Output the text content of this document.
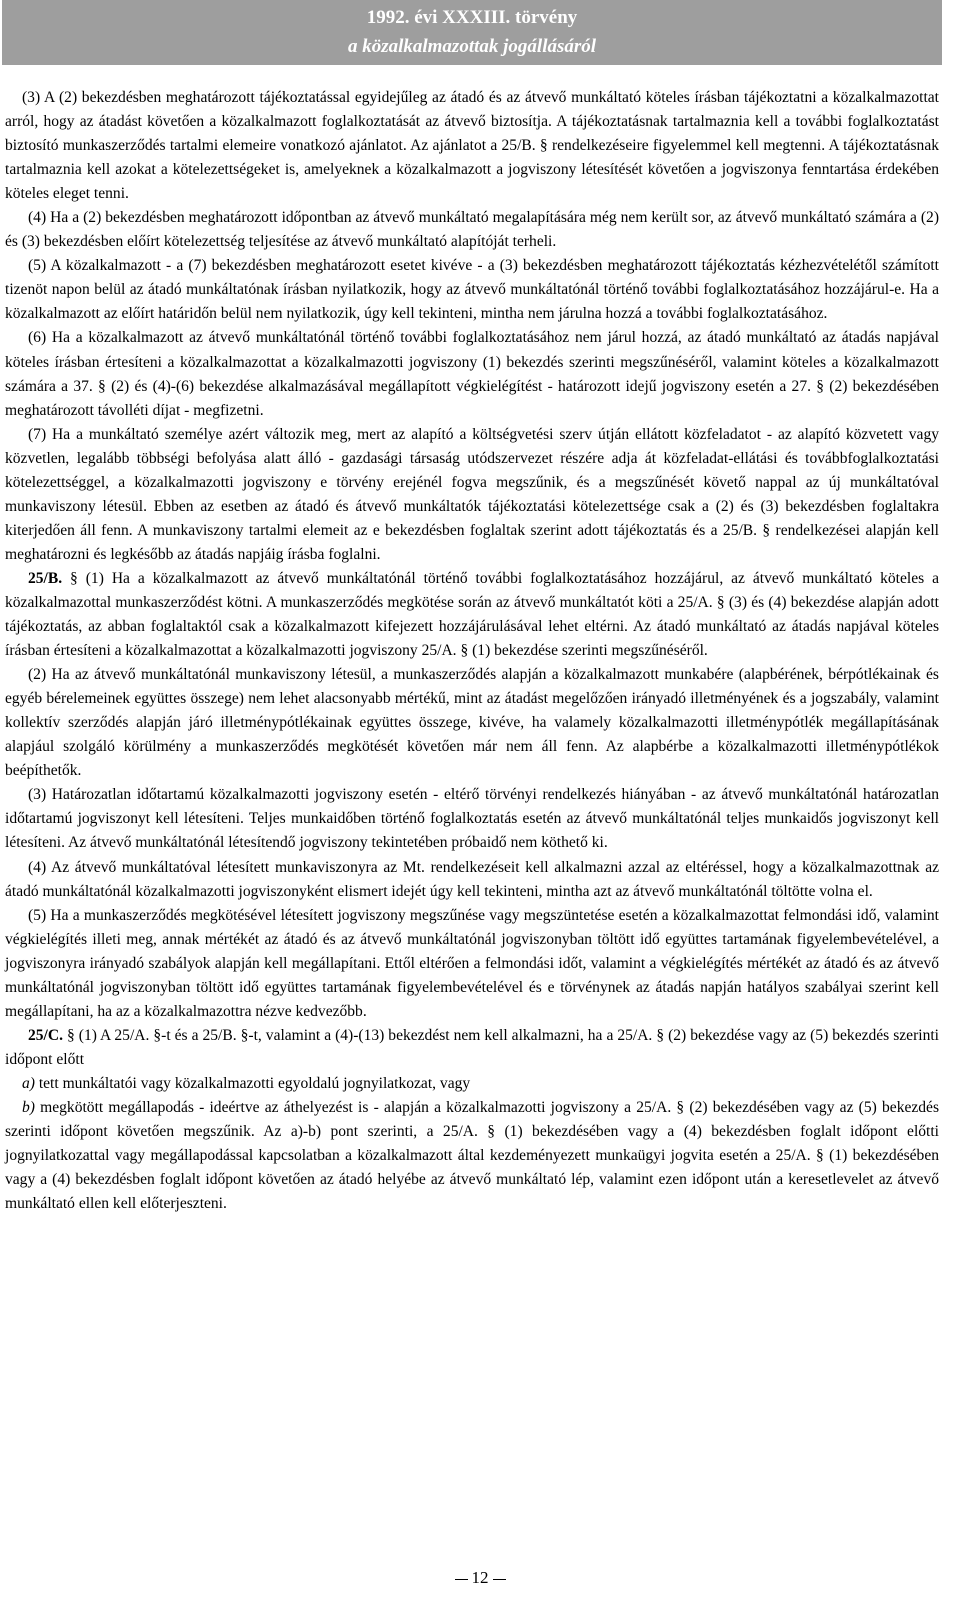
1992. évi XXXIII. törvény
a közalkalmazottak jogállásáról

(3) A (2) bekezdésben meghatározott tájékoztatással egyidejűleg az átadó és az átvevő munkáltató köteles írásban tájékoztatni a közalkalmazottat arról, hogy az átadást követően a közalkalmazott foglalkoztatását az átvevő biztosítja. A tájékoztatásnak tartalmaznia kell a további foglalkoztatást biztosító munkaszerződés tartalmi elemeire vonatkozó ajánlatot. Az ajánlatot a 25/B. § rendelkezéseire figyelemmel kell megtenni. A tájékoztatásnak tartalmaznia kell azokat a kötelezettségeket is, amelyeknek a közalkalmazott a jogviszony létesítését követően a jogviszonya fenntartása érdekében köteles eleget tenni.

(4) Ha a (2) bekezdésben meghatározott időpontban az átvevő munkáltató megalapítására még nem került sor, az átvevő munkáltató számára a (2) és (3) bekezdésben előírt kötelezettség teljesítése az átvevő munkáltató alapítóját terheli.

(5) A közalkalmazott - a (7) bekezdésben meghatározott esetet kivéve - a (3) bekezdésben meghatározott tájékoztatás kézhezvételétől számított tizenöt napon belül az átadó munkáltatónak írásban nyilatkozik, hogy az átvevő munkáltatónál történő további foglalkoztatásához hozzájárul-e. Ha a közalkalmazott az előírt határidőn belül nem nyilatkozik, úgy kell tekinteni, mintha nem járulna hozzá a további foglalkoztatásához.

(6) Ha a közalkalmazott az átvevő munkáltatónál történő további foglalkoztatásához nem járul hozzá, az átadó munkáltató az átadás napjával köteles írásban értesíteni a közalkalmazottat a közalkalmazotti jogviszony (1) bekezdés szerinti megszűnéséről, valamint köteles a közalkalmazott számára a 37. § (2) és (4)-(6) bekezdése alkalmazásával megállapított végkielégítést - határozott idejű jogviszony esetén a 27. § (2) bekezdésében meghatározott távolléti díjat - megfizetni.

(7) Ha a munkáltató személye azért változik meg, mert az alapító a költségvetési szerv útján ellátott közfeladatot - az alapító közvetett vagy közvetlen, legalább többségi befolyása alatt álló - gazdasági társaság utódszervezet részére adja át közfeladat-ellátási és továbbfoglalkoztatási kötelezettséggel, a közalkalmazotti jogviszony e törvény erejénél fogva megszűnik, és a megszűnését követő nappal az új munkáltatóval munkaviszony létesül. Ebben az esetben az átadó és átvevő munkáltatók tájékoztatási kötelezettsége csak a (2) és (3) bekezdésben foglaltakra kiterjedően áll fenn. A munkaviszony tartalmi elemeit az e bekezdésben foglaltak szerint adott tájékoztatás és a 25/B. § rendelkezései alapján kell meghatározni és legkésőbb az átadás napjáig írásba foglalni.

25/B. § (1) Ha a közalkalmazott az átvevő munkáltatónál történő további foglalkoztatásához hozzájárul, az átvevő munkáltató köteles a közalkalmazottal munkaszerződést kötni. A munkaszerződés megkötése során az átvevő munkáltatót köti a 25/A. § (3) és (4) bekezdése alapján adott tájékoztatás, az abban foglaltaktól csak a közalkalmazott kifejezett hozzájárulásával lehet eltérni. Az átadó munkáltató az átadás napjával köteles írásban értesíteni a közalkalmazottat a közalkalmazotti jogviszony 25/A. § (1) bekezdése szerinti megszűnéséről.

(2) Ha az átvevő munkáltatónál munkaviszony létesül, a munkaszerződés alapján a közalkalmazott munkabére (alapbérének, bérpótlékainak és egyéb bérelemeinek együttes összege) nem lehet alacsonyabb mértékű, mint az átadást megelőzően irányadó illetményének és a jogszabály, valamint kollektív szerződés alapján járó illetménypótlékainak együttes összege, kivéve, ha valamely közalkalmazotti illetménypótlék megállapításának alapjául szolgáló körülmény a munkaszerződés megkötését követően már nem áll fenn. Az alapbérbe a közalkalmazotti illetménypótlékok beépíthetők.

(3) Határozatlan időtartamú közalkalmazotti jogviszony esetén - eltérő törvényi rendelkezés hiányában - az átvevő munkáltatónál határozatlan időtartamú jogviszonyt kell létesíteni. Teljes munkaidőben történő foglalkoztatás esetén az átvevő munkáltatónál teljes munkaidős jogviszonyt kell létesíteni. Az átvevő munkáltatónál létesítendő jogviszony tekintetében próbaidő nem köthető ki.

(4) Az átvevő munkáltatóval létesített munkaviszonyra az Mt. rendelkezéseit kell alkalmazni azzal az eltéréssel, hogy a közalkalmazottnak az átadó munkáltatónál közalkalmazotti jogviszonyként elismert idejét úgy kell tekinteni, mintha azt az átvevő munkáltatónál töltötte volna el.

(5) Ha a munkaszerződés megkötésével létesített jogviszony megszűnése vagy megszüntetése esetén a közalkalmazottat felmondási idő, valamint végkielégítés illeti meg, annak mértékét az átadó és az átvevő munkáltatónál jogviszonyban töltött idő együttes tartamának figyelembevételével, a jogviszonyra irányadó szabályok alapján kell megállapítani. Ettől eltérően a felmondási időt, valamint a végkielégítés mértékét az átadó és az átvevő munkáltatónál jogviszonyban töltött idő együttes tartamának figyelembevételével és e törvénynek az átadás napján hatályos szabályai szerint kell megállapítani, ha az a közalkalmazottra nézve kedvezőbb.

25/C. § (1) A 25/A. §-t és a 25/B. §-t, valamint a (4)-(13) bekezdést nem kell alkalmazni, ha a 25/A. § (2) bekezdése vagy az (5) bekezdés szerinti időpont előtt

a) tett munkáltatói vagy közalkalmazotti egyoldalú jognyilatkozat, vagy

b) megkötött megállapodás - ideértve az áthelyezést is - alapján a közalkalmazotti jogviszony a 25/A. § (2) bekezdésében vagy az (5) bekezdés szerinti időpont követően megszűnik. Az a)-b) pont szerinti, a 25/A. § (1) bekezdésében vagy a (4) bekezdésben foglalt időpont előtti jognyilatkozattal vagy megállapodással kapcsolatban a közalkalmazott által kezdeményezett munkaügyi jogvita esetén a 25/A. § (1) bekezdésében vagy a (4) bekezdésben foglalt időpont követően az átadó helyébe az átvevő munkáltató lép, valamint ezen időpont után a keresetlevelet az átvevő munkáltató ellen kell előterjeszteni.

12
